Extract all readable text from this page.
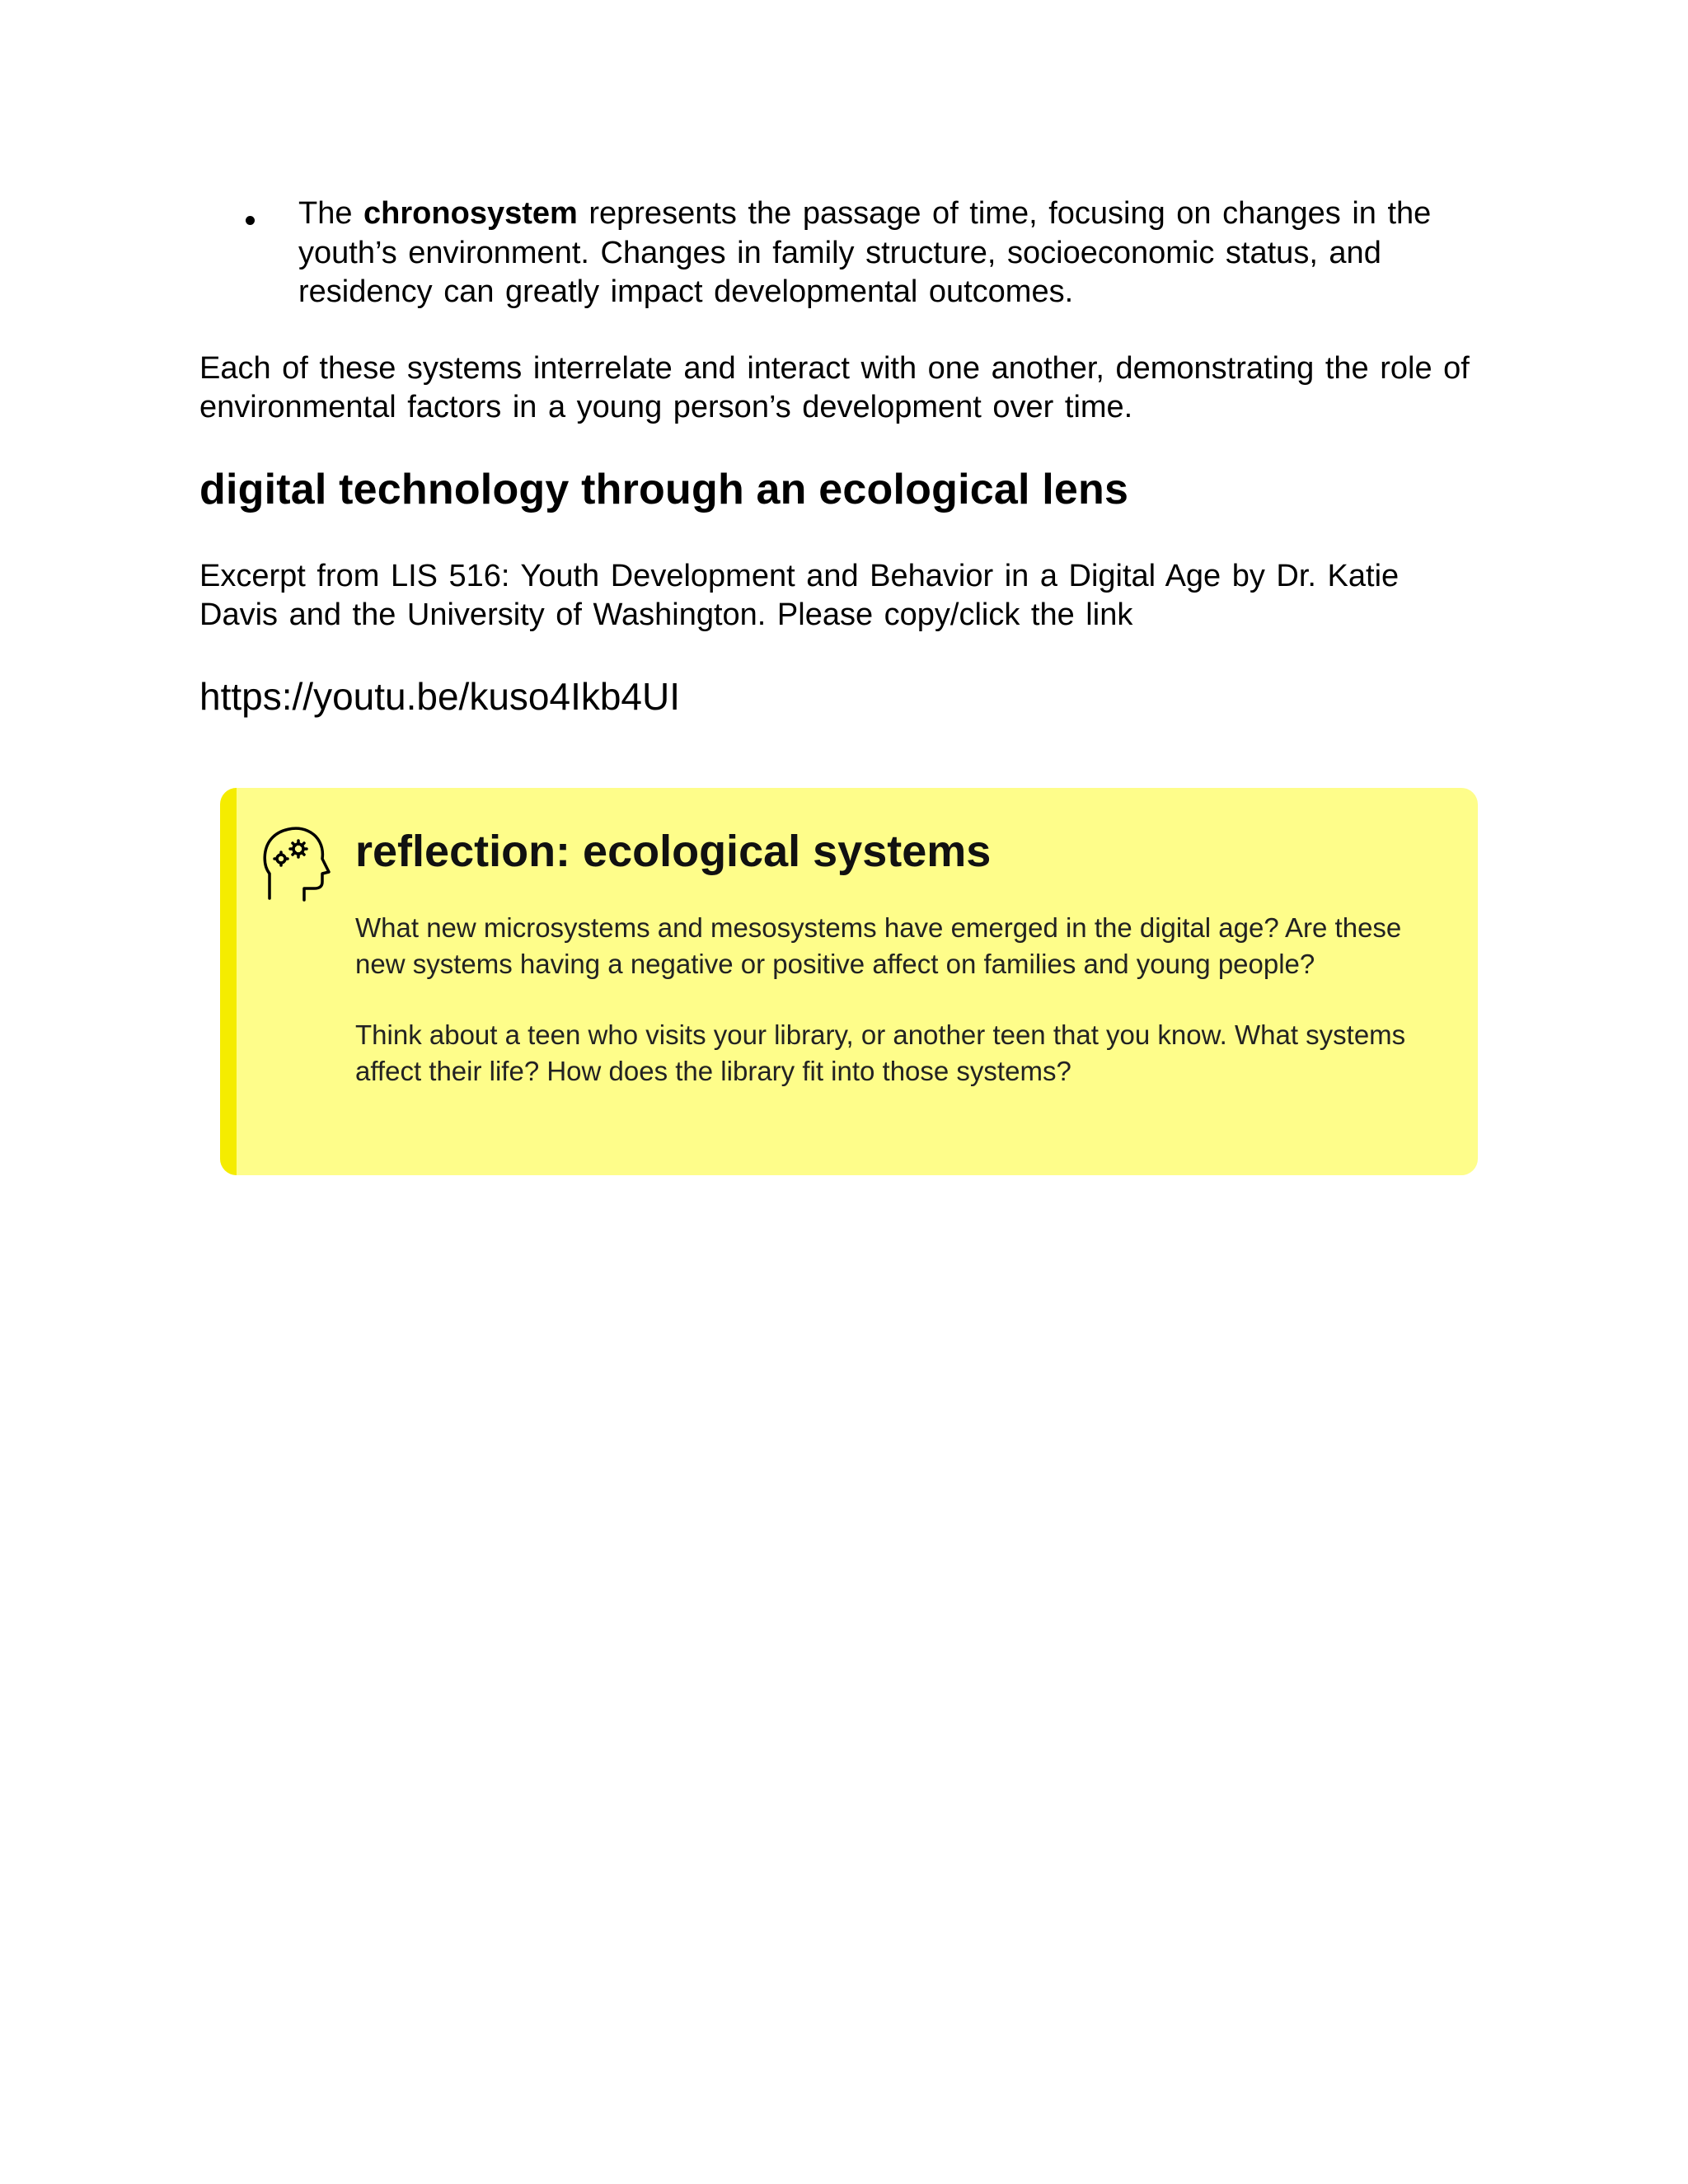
The chronosystem represents the passage of time, focusing on changes in the youth’s environment. Changes in family structure, socioeconomic status, and residency can greatly impact developmental outcomes.
Each of these systems interrelate and interact with one another, demonstrating the role of environmental factors in a young person’s development over time.
digital technology through an ecological lens
Excerpt from LIS 516: Youth Development and Behavior in a Digital Age by Dr. Katie Davis and the University of Washington. Please copy/click the link
https://youtu.be/kuso4Ikb4UI
reflection: ecological systems

What new microsystems and mesosystems have emerged in the digital age? Are these new systems having a negative or positive affect on families and young people?

Think about a teen who visits your library, or another teen that you know. What systems affect their life? How does the library fit into those systems?
